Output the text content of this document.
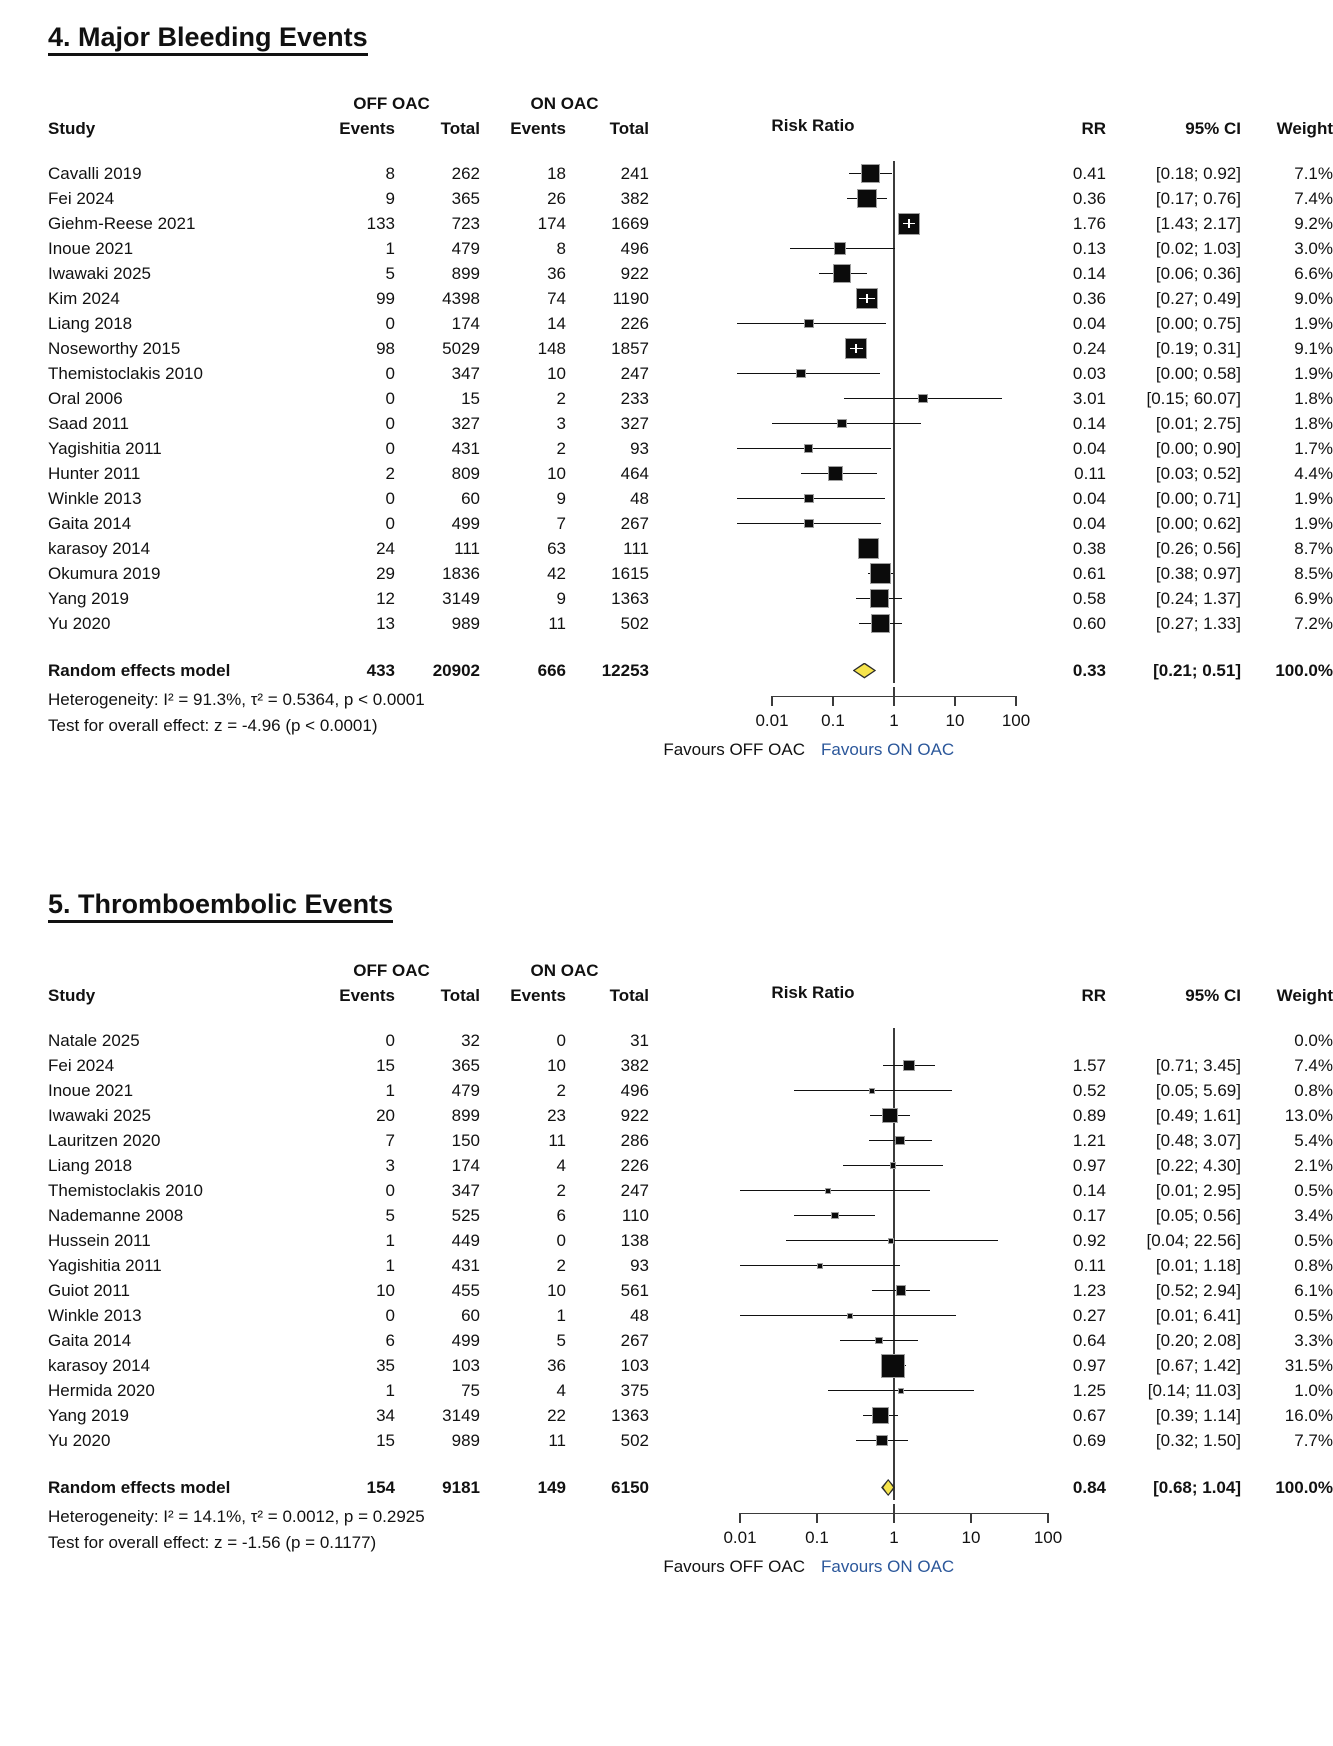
4. Major Bleeding Events
OFF OAC	ON OAC
Study	Events	Total	Events	Total	Risk Ratio	RR	95% CI	Weight
Cavalli 2019	8	262	18	241	0.41	[0.18; 0.92]	7.1%
Fei 2024	9	365	26	382	0.36	[0.17; 0.76]	7.4%
Giehm-Reese 2021	133	723	174	1669	1.76	[1.43; 2.17]	9.2%
Inoue 2021	1	479	8	496	0.13	[0.02; 1.03]	3.0%
Iwawaki 2025	5	899	36	922	0.14	[0.06; 0.36]	6.6%
Kim 2024	99	4398	74	1190	0.36	[0.27; 0.49]	9.0%
Liang 2018	0	174	14	226	0.04	[0.00; 0.75]	1.9%
Noseworthy 2015	98	5029	148	1857	0.24	[0.19; 0.31]	9.1%
Themistoclakis 2010	0	347	10	247	0.03	[0.00; 0.58]	1.9%
Oral 2006	0	15	2	233	3.01	[0.15; 60.07]	1.8%
Saad 2011	0	327	3	327	0.14	[0.01; 2.75]	1.8%
Yagishitia 2011	0	431	2	93	0.04	[0.00; 0.90]	1.7%
Hunter 2011	2	809	10	464	0.11	[0.03; 0.52]	4.4%
Winkle 2013	0	60	9	48	0.04	[0.00; 0.71]	1.9%
Gaita 2014	0	499	7	267	0.04	[0.00; 0.62]	1.9%
karasoy 2014	24	111	63	111	0.38	[0.26; 0.56]	8.7%
Okumura 2019	29	1836	42	1615	0.61	[0.38; 0.97]	8.5%
Yang 2019	12	3149	9	1363	0.58	[0.24; 1.37]	6.9%
Yu 2020	13	989	11	502	0.60	[0.27; 1.33]	7.2%
Random effects model	433	20902	666	12253	0.33	[0.21; 0.51]	100.0%
Heterogeneity: I² = 91.3%, τ² = 0.5364, p < 0.0001
Test for overall effect: z = -4.96 (p < 0.0001)	0.01 0.1	1	10 100
Favours OFF OAC Favours ON OAC
5. Thromboembolic Events
OFF OAC	ON OAC
Study	Events	Total	Events	Total	Risk Ratio	RR	95% CI	Weight
Natale 2025	0	32	0	31	0.0%
Fei 2024	15	365	10	382	1.57	[0.71; 3.45]	7.4%
Inoue 2021	1	479	2	496	0.52	[0.05; 5.69]	0.8%
Iwawaki 2025	20	899	23	922	0.89	[0.49; 1.61]	13.0%
Lauritzen 2020	7	150	11	286	1.21	[0.48; 3.07]	5.4%
Liang 2018	3	174	4	226	0.97	[0.22; 4.30]	2.1%
Themistoclakis 2010	0	347	2	247	0.14	[0.01; 2.95]	0.5%
Nademanne 2008	5	525	6	110	0.17	[0.05; 0.56]	3.4%
Hussein 2011	1	449	0	138	0.92	[0.04; 22.56]	0.5%
Yagishitia 2011	1	431	2	93	0.11	[0.01; 1.18]	0.8%
Guiot 2011	10	455	10	561	1.23	[0.52; 2.94]	6.1%
Winkle 2013	0	60	1	48	0.27	[0.01; 6.41]	0.5%
Gaita 2014	6	499	5	267	0.64	[0.20; 2.08]	3.3%
karasoy 2014	35	103	36	103	0.97	[0.67; 1.42]	31.5%
Hermida 2020	1	75	4	375	1.25	[0.14; 11.03]	1.0%
Yang 2019	34	3149	22	1363	0.67	[0.39; 1.14]	16.0%
Yu 2020	15	989	11	502	0.69	[0.32; 1.50]	7.7%
Random effects model	154	9181	149	6150	0.84	[0.68; 1.04]	100.0%
Heterogeneity: I² = 14.1%, τ² = 0.0012, p = 0.2925
Test for overall effect: z = -1.56 (p = 0.1177)	0.01	0.1	1	10	100
Favours OFF OAC Favours ON OAC
